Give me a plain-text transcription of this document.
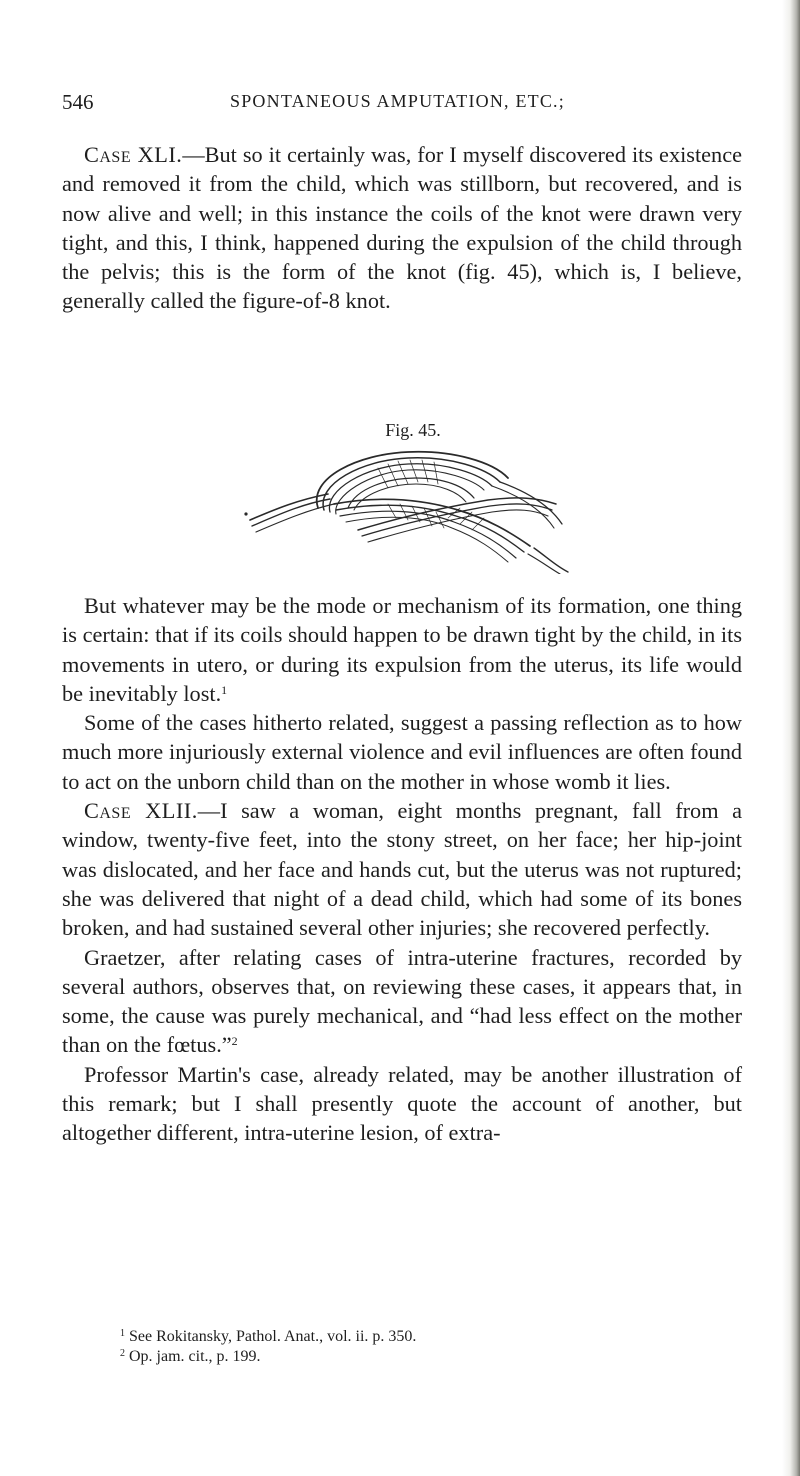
546	SPONTANEOUS AMPUTATION, ETC.;

Case XLI.—But so it certainly was, for I myself discovered its existence and removed it from the child, which was stillborn, but recovered, and is now alive and well; in this instance the coils of the knot were drawn very tight, and this, I think, happened during the expulsion of the child through the pelvis; this is the form of the knot (fig. 45), which is, I believe, generally called the figure-of-8 knot.

Fig. 45.

But whatever may be the mode or mechanism of its formation, one thing is certain: that if its coils should happen to be drawn tight by the child, in its movements in utero, or during its expulsion from the uterus, its life would be inevitably lost.$^1$

Some of the cases hitherto related, suggest a passing reflection as to how much more injuriously external violence and evil influences are often found to act on the unborn child than on the mother in whose womb it lies.

Case XLII.—I saw a woman, eight months pregnant, fall from a window, twenty-five feet, into the stony street, on her face; her hip-joint was dislocated, and her face and hands cut, but the uterus was not ruptured; she was delivered that night of a dead child, which had some of its bones broken, and had sustained several other injuries; she recovered perfectly.

Graetzer, after relating cases of intra-uterine fractures, recorded by several authors, observes that, on reviewing these cases, it appears that, in some, the cause was purely mechanical, and “had less effect on the mother than on the fœtus.”$^2$

Professor Martin's case, already related, may be another illustration of this remark; but I shall presently quote the account of another, but altogether different, intra-uterine lesion, of extra-

$^1$ See Rokitansky, Pathol. Anat., vol. ii. p. 350.

$^2$ Op. jam. cit., p. 199.
